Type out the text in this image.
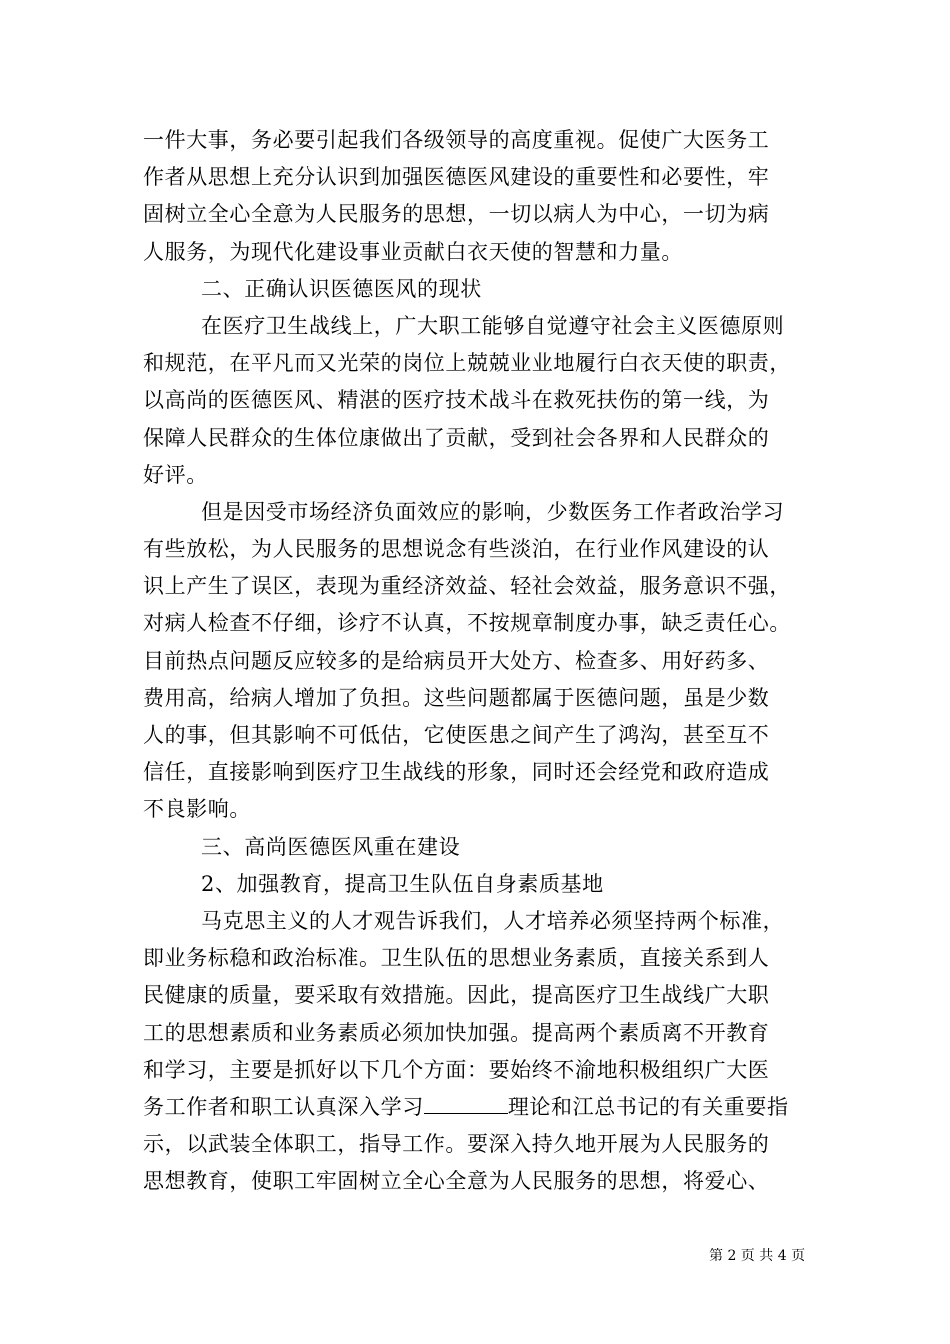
一件大事，务必要引起我们各级领导的高度重视。促使广大医务工
作者从思想上充分认识到加强医德医风建设的重要性和必要性，牢
固树立全心全意为人民服务的思想，一切以病人为中心，一切为病
人服务，为现代化建设事业贡献白衣天使的智慧和力量。
二、正确认识医德医风的现状
在医疗卫生战线上，广大职工能够自觉遵守社会主义医德原则
和规范，在平凡而又光荣的岗位上兢兢业业地履行白衣天使的职责，
以高尚的医德医风、精湛的医疗技术战斗在救死扶伤的第一线，为
保障人民群众的生体位康做出了贡献，受到社会各界和人民群众的
好评。
但是因受市场经济负面效应的影响，少数医务工作者政治学习
有些放松，为人民服务的思想说念有些淡泊，在行业作风建设的认
识上产生了误区，表现为重经济效益、轻社会效益，服务意识不强，
对病人检查不仔细，诊疗不认真，不按规章制度办事，缺乏责任心。
目前热点问题反应较多的是给病员开大处方、检查多、用好药多、
费用高，给病人增加了负担。这些问题都属于医德问题，虽是少数
人的事，但其影响不可低估，它使医患之间产生了鸿沟，甚至互不
信任，直接影响到医疗卫生战线的形象，同时还会经党和政府造成
不良影响。
三、高尚医德医风重在建设
2、加强教育，提高卫生队伍自身素质基地
马克思主义的人才观告诉我们，人才培养必须坚持两个标准，
即业务标稳和政治标准。卫生队伍的思想业务素质，直接关系到人
民健康的质量，要采取有效措施。因此，提高医疗卫生战线广大职
工的思想素质和业务素质必须加快加强。提高两个素质离不开教育
和学习，主要是抓好以下几个方面：要始终不渝地积极组织广大医
务工作者和职工认真深入学习	理论和江总书记的有关重要指
示，以武装全体职工，指导工作。要深入持久地开展为人民服务的
思想教育，使职工牢固树立全心全意为人民服务的思想，将爱心、
第 2 页 共 4 页
